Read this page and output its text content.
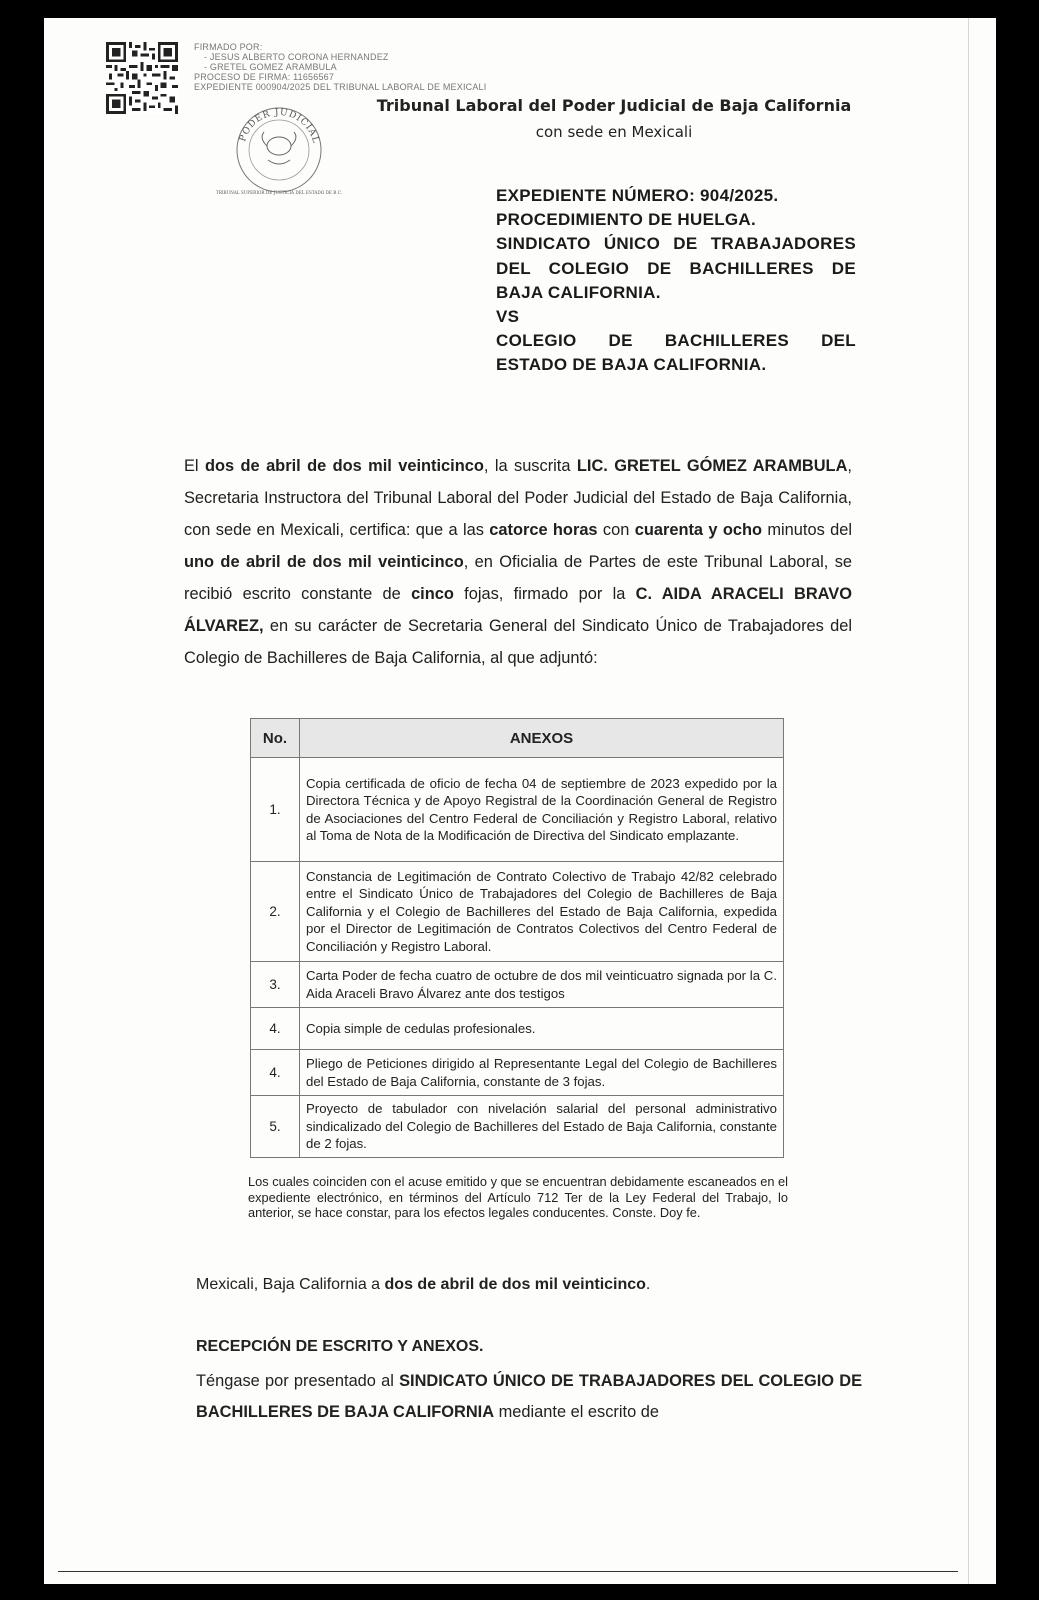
FIRMADO POR:
- JESUS ALBERTO CORONA HERNANDEZ
- GRETEL GOMEZ ARAMBULA
PROCESO DE FIRMA: 11656567
EXPEDIENTE 000904/2025 DEL TRIBUNAL LABORAL DE MEXICALI
PODER JUDICIAL
TRIBUNAL SUPERIOR DE JUSTICIA DEL ESTADO DE B.C.
Tribunal Laboral del Poder Judicial de Baja California
con sede en Mexicali
EXPEDIENTE NÚMERO: 904/2025.
PROCEDIMIENTO DE HUELGA.
SINDICATO ÚNICO DE TRABAJADORES
DEL COLEGIO DE BACHILLERES DE
BAJA CALIFORNIA.
VS
COLEGIO DE BACHILLERES DEL
ESTADO DE BAJA CALIFORNIA.
El dos de abril de dos mil veinticinco, la suscrita LIC. GRETEL GÓMEZ ARAMBULA, Secretaria Instructora del Tribunal Laboral del Poder Judicial del Estado de Baja California, con sede en Mexicali, certifica: que a las catorce horas con cuarenta y ocho minutos del uno de abril de dos mil veinticinco, en Oficialia de Partes de este Tribunal Laboral, se recibió escrito constante de cinco fojas, firmado por la C. AIDA ARACELI BRAVO ÁLVAREZ, en su carácter de Secretaria General del Sindicato Único de Trabajadores del Colegio de Bachilleres de Baja California, al que adjuntó:
No.	ANEXOS
1.	Copia certificada de oficio de fecha 04 de septiembre de 2023 expedido por la Directora Técnica y de Apoyo Registral de la Coordinación General de Registro de Asociaciones del Centro Federal de Conciliación y Registro Laboral, relativo al Toma de Nota de la Modificación de Directiva del Sindicato emplazante.
2.	Constancia de Legitimación de Contrato Colectivo de Trabajo 42/82 celebrado entre el Sindicato Único de Trabajadores del Colegio de Bachilleres de Baja California y el Colegio de Bachilleres del Estado de Baja California, expedida por el Director de Legitimación de Contratos Colectivos del Centro Federal de Conciliación y Registro Laboral.
3.	Carta Poder de fecha cuatro de octubre de dos mil veinticuatro signada por la C. Aida Araceli Bravo Álvarez ante dos testigos
4.	Copia simple de cedulas profesionales.
4.	Pliego de Peticiones dirigido al Representante Legal del Colegio de Bachilleres del Estado de Baja California, constante de 3 fojas.
5.	Proyecto de tabulador con nivelación salarial del personal administrativo sindicalizado del Colegio de Bachilleres del Estado de Baja California, constante de 2 fojas.
Los cuales coinciden con el acuse emitido y que se encuentran debidamente escaneados en el expediente electrónico, en términos del Artículo 712 Ter de la Ley Federal del Trabajo, lo anterior, se hace constar, para los efectos legales conducentes. Conste. Doy fe.
Mexicali, Baja California a dos de abril de dos mil veinticinco.
RECEPCIÓN DE ESCRITO Y ANEXOS.
Téngase por presentado al SINDICATO ÚNICO DE TRABAJADORES DEL COLEGIO DE BACHILLERES DE BAJA CALIFORNIA mediante el escrito de
